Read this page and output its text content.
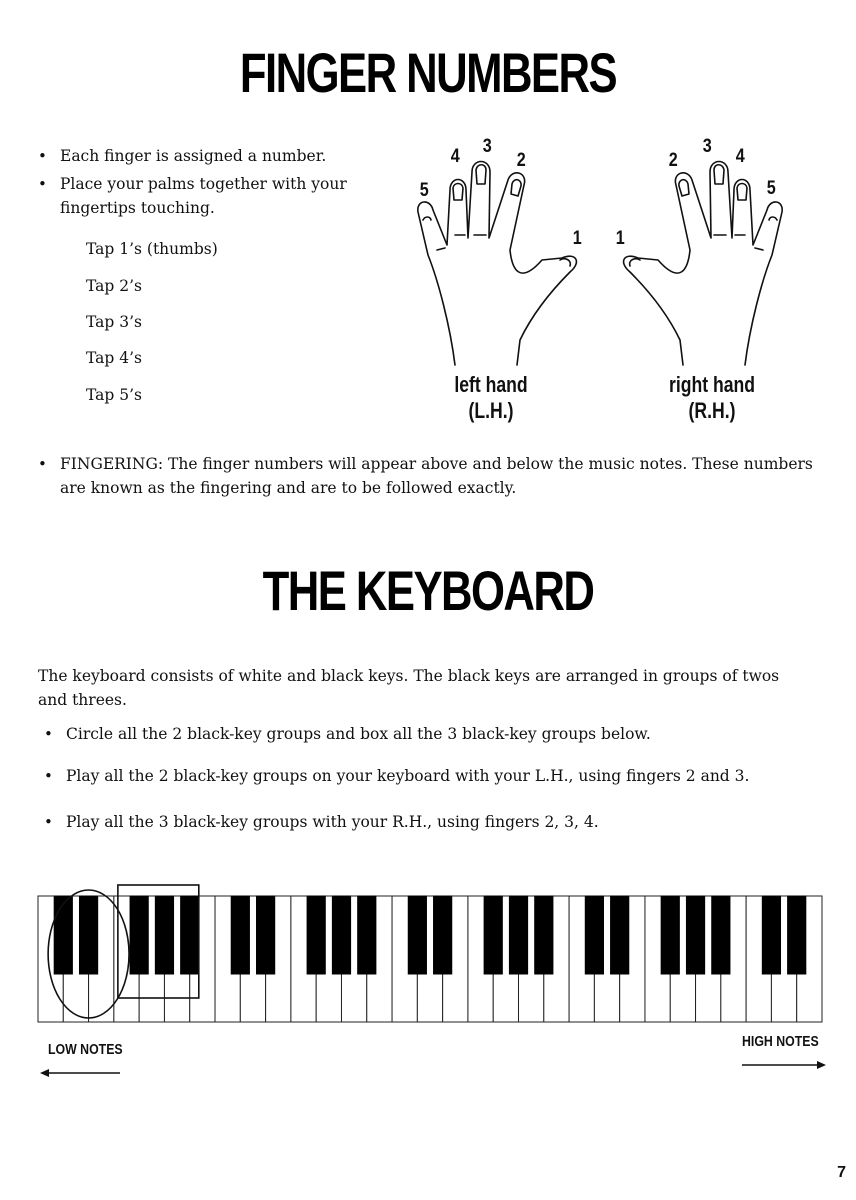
FINGER NUMBERS
• Each finger is assigned a number.
• Place your palms together with your
fingertips touching.
Tap 1’s (thumbs)
Tap 2’s
Tap 3’s
Tap 4’s
Tap 5’s
4 3
2
5
1
2
3 4
5
1
left hand
(L.H.)
right hand
(R.H.)
• FINGERING: The finger numbers will appear above and below the music notes. These numbers
are known as the fingering and are to be followed exactly.
THE KEYBOARD
The keyboard consists of white and black keys. The black keys are arranged in groups of twos
and threes.
• Circle all the 2 black-key groups and box all the 3 black-key groups below.
• Play all the 2 black-key groups on your keyboard with your L.H., using fingers 2 and 3.
• Play all the 3 black-key groups with your R.H., using fingers 2, 3, 4.
LOW NOTES	HIGH NOTES
7
